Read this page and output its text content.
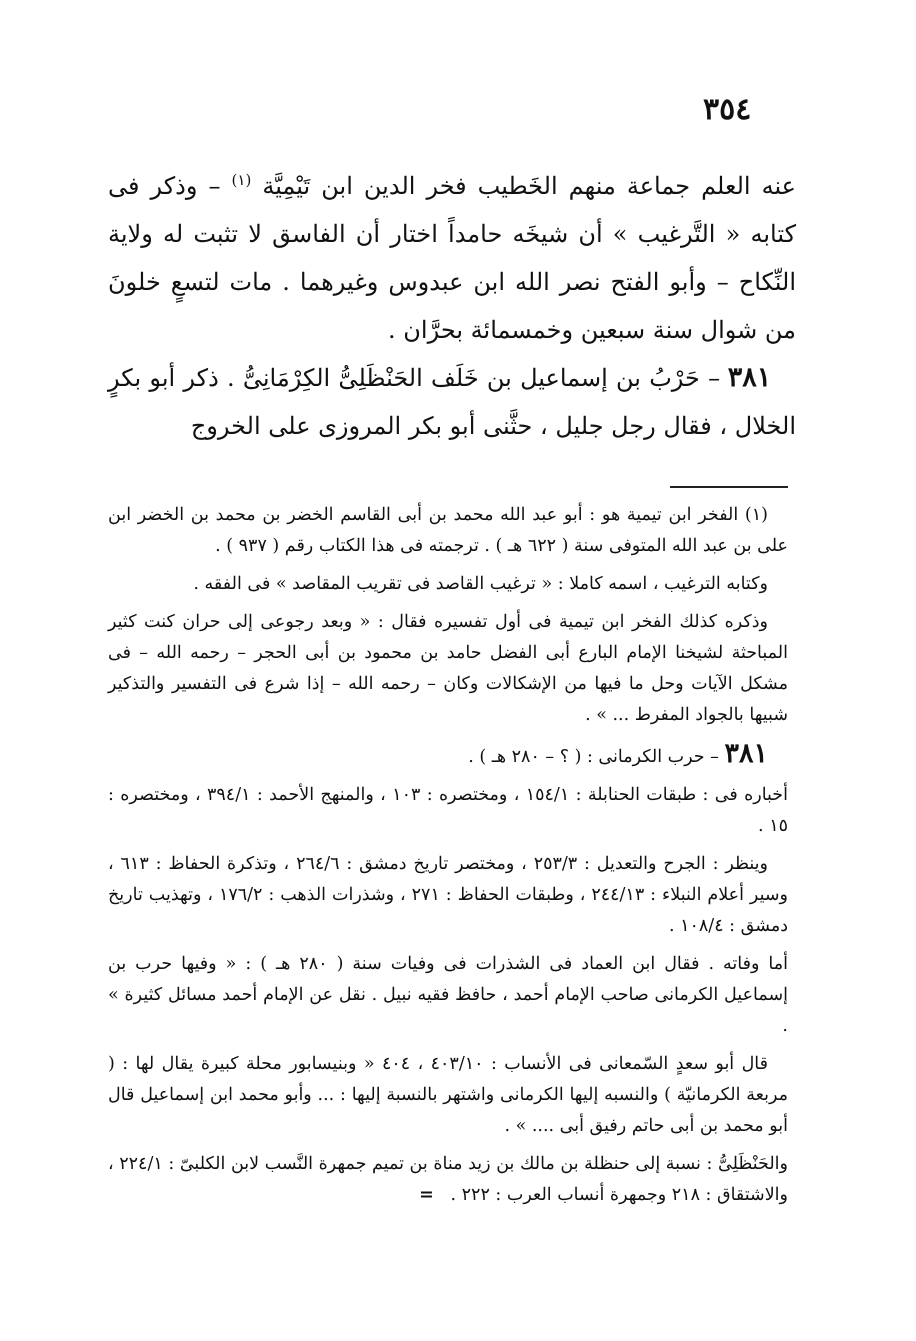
٣٥٤

عنه العلم جماعة منهم الخَطيب فخر الدين ابن تَيْمِيَّة $^{(١)}$ – وذكر فى كتابه « التَّرغيب » أن شيخَه حامداً اختار أن الفاسق لا تثبت له ولاية النِّكاح – وأبو الفتح نصر الله ابن عبدوس وغيرهما . مات لتسعٍ خلونَ من شوال سنة سبعين وخمسمائة بحرَّان .

٣٨١ – حَرْبُ بن إسماعيل بن خَلَف الحَنْظَلِىُّ الكِرْمَانِىُّ . ذكر أبو بكرٍ الخلال ، فقال رجل جليل ، حثَّنى أبو بكر المروزى على الخروج

(١) الفخر ابن تيمية هو : أبو عبد الله محمد بن أبى القاسم الخضر بن محمد بن الخضر ابن على بن عبد الله المتوفى سنة ( ٦٢٢ هـ ) . ترجمته فى هذا الكتاب رقم ( ٩٣٧ ) .

وكتابه الترغيب ، اسمه كاملا : « ترغيب القاصد فى تقريب المقاصد » فى الفقه .

وذكره كذلك الفخر ابن تيمية فى أول تفسيره فقال : « وبعد رجوعى إلى حران كنت كثير المباحثة لشيخنا الإمام البارع أبى الفضل حامد بن محمود بن أبى الحجر – رحمه الله – فى مشكل الآيات وحل ما فيها من الإشكالات وكان – رحمه الله – إذا شرع فى التفسير والتذكير شبيها بالجواد المفرط ... » .

٣٨١ – حرب الكرمانى : ( ؟ – ٢٨٠ هـ ) .

أخباره فى : طبقات الحنابلة : ١٥٤/١ ، ومختصره : ١٠٣ ، والمنهج الأحمد : ٣٩٤/١ ، ومختصره : ١٥ .

وينظر : الجرح والتعديل : ٢٥٣/٣ ، ومختصر تاريخ دمشق : ٢٦٤/٦ ، وتذكرة الحفاظ : ٦١٣ ، وسير أعلام النبلاء : ٢٤٤/١٣ ، وطبقات الحفاظ : ٢٧١ ، وشذرات الذهب : ١٧٦/٢ ، وتهذيب تاريخ دمشق : ١٠٨/٤ .

أما وفاته . فقال ابن العماد فى الشذرات فى وفيات سنة ( ٢٨٠ هـ ) : « وفيها حرب بن إسماعيل الكرمانى صاحب الإمام أحمد ، حافظ فقيه نبيل . نقل عن الإمام أحمد مسائل كثيرة » .

قال أبو سعدٍ السّمعانى فى الأنساب : ٤٠٣/١٠ ، ٤٠٤ « وبنيسابور محلة كبيرة يقال لها : ( مربعة الكرمانيّة ) والنسبه إليها الكرمانى واشتهر بالنسبة إليها : ... وأبو محمد ابن إسماعيل قال أبو محمد بن أبى حاتم رفيق أبى .... » .

والحَنْظَلِىُّ : نسبة إلى حنظلة بن مالك بن زيد مناة بن تميم جمهرة النَّسب لابن الكلبىّ : ٢٢٤/١ ، والاشتقاق : ٢١٨ وجمهرة أنساب العرب : ٢٢٢ .   =
